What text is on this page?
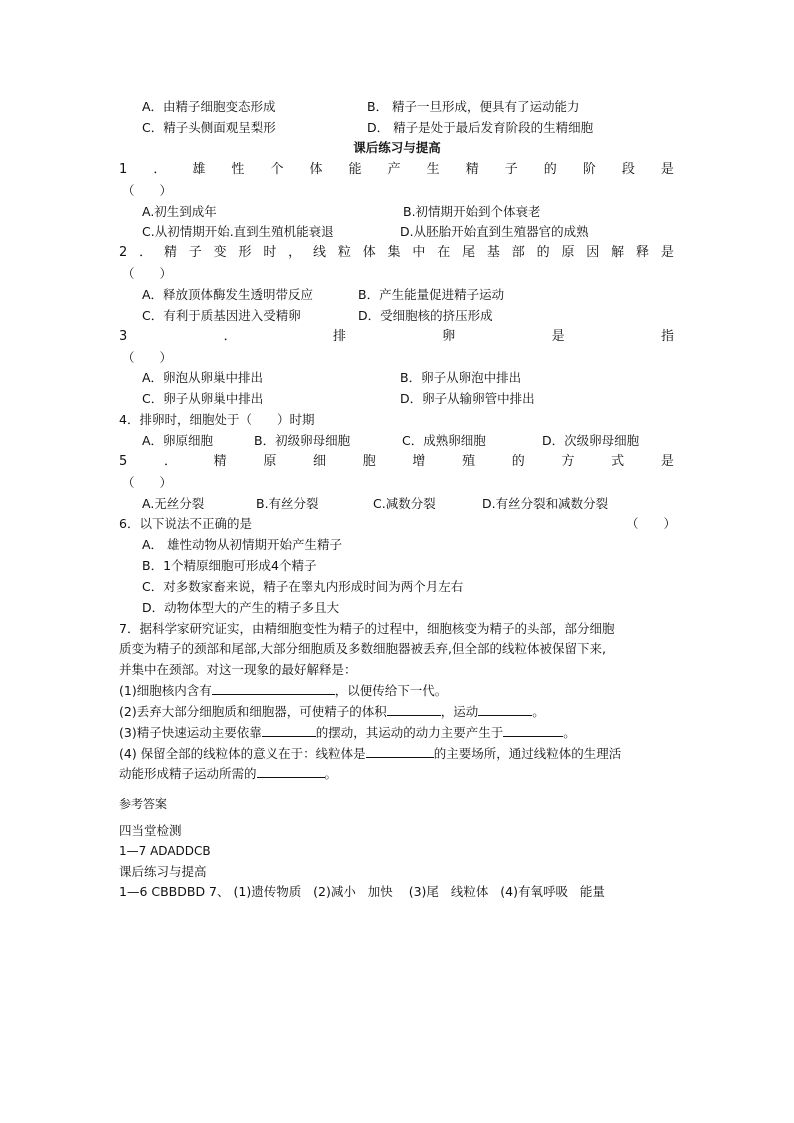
A．由精子细胞变态形成	B． 精子一旦形成，便具有了运动能力
C．精子头侧面观呈梨形	D． 精子是处于最后发育阶段的生精细胞
课后练习与提高
1 ． 雄 性 个 体 能 产 生 精 子 的 阶 段 是
（　　）
A.初生到成年	B.初情期开始到个体衰老
C.从初情期开始.直到生殖机能衰退	D.从胚胎开始直到生殖器官的成熟
2 ． 精 子 变 形 时 ， 线 粒 体 集 中 在 尾 基 部 的 原 因 解 释 是
（　　）
A．释放顶体酶发生透明带反应	B．产生能量促进精子运动
C．有利于质基因进入受精卵	D．受细胞核的挤压形成
3	．	排	卵	是	指
（　　）
A．卵泡从卵巢中排出	B．卵子从卵泡中排出
C．卵子从卵巢中排出	D．卵子从输卵管中排出
4．排卵时，细胞处于（　　）时期
A．卵原细胞	B．初级卵母细胞	C．成熟卵细胞	D．次级卵母细胞
5	．	精	原	细	胞	增	殖	的	方	式	是
（　　）
A.无丝分裂	B.有丝分裂	C.减数分裂	D.有丝分裂和减数分裂
6．以下说法不正确的是	（　　）
A． 雄性动物从初情期开始产生精子
B．1个精原细胞可形成4个精子
C．对多数家畜来说，精子在睾丸内形成时间为两个月左右
D．动物体型大的产生的精子多且大
7．据科学家研究证实，由精细胞变性为精子的过程中，细胞核变为精子的头部，部分细胞
质变为精子的颈部和尾部,大部分细胞质及多数细胞器被丢弃,但全部的线粒体被保留下来,
并集中在颈部。对这一现象的最好解释是：
(1)细胞核内含有	，以便传给下一代。
(2)丢弃大部分细胞质和细胞器，可使精子的体积	，运动	。
(3)精子快速运动主要依靠	的摆动，其运动的动力主要产生于	。
(4) 保留全部的线粒体的意义在于：线粒体是	的主要场所，通过线粒体的生理活
动能形成精子运动所需的	。
参考答案
四当堂检测
1—7 ADADDCB
课后练习与提高
1—6 CBBDBD 7、 (1)遗传物质 (2)减小 加快 (3)尾 线粒体 (4)有氧呼吸 能量
